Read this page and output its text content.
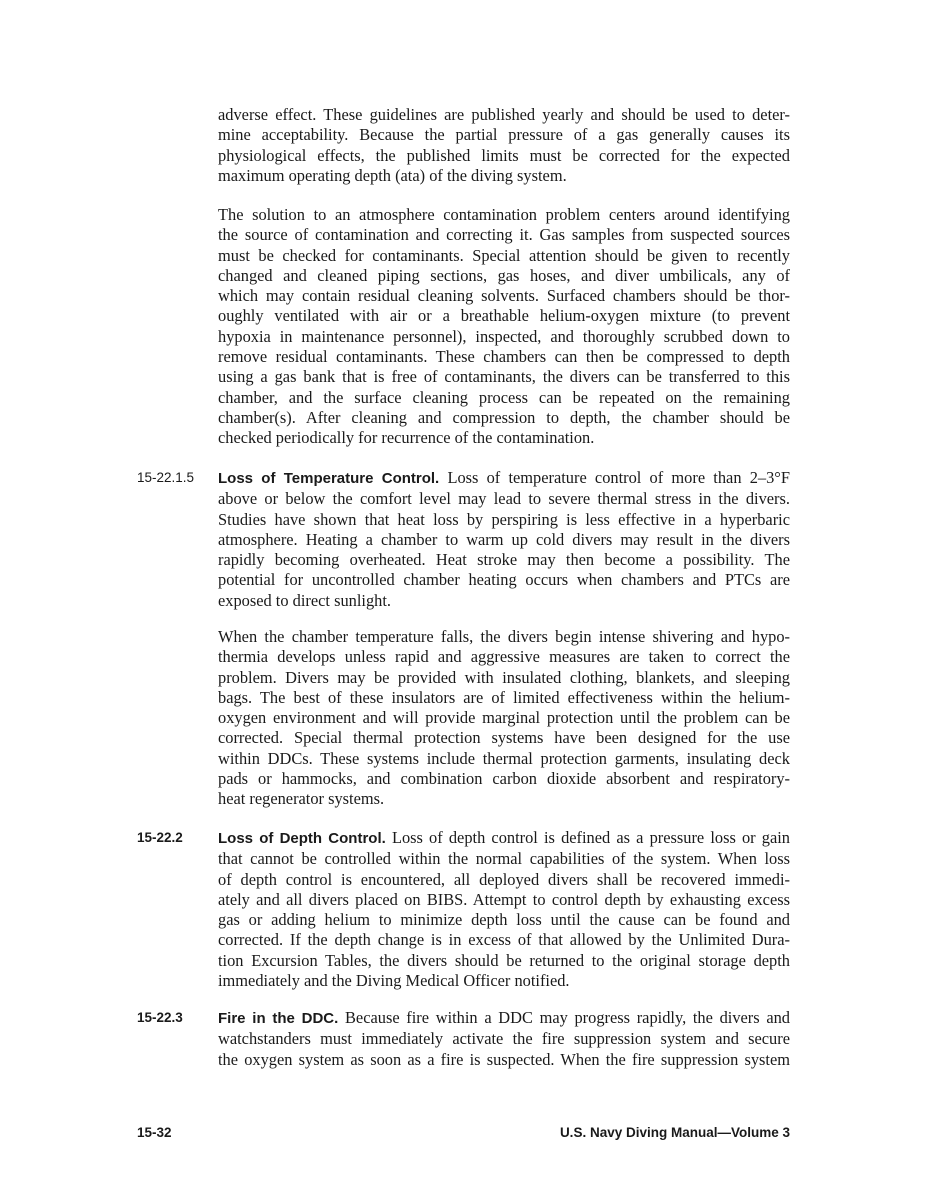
adverse effect. These guidelines are published yearly and should be used to deter-
mine acceptability. Because the partial pressure of a gas generally causes its
physiological effects, the published limits must be corrected for the expected
maximum operating depth (ata) of the diving system.
The solution to an atmosphere contamination problem centers around identifying
the source of contamination and correcting it. Gas samples from suspected sources
must be checked for contaminants. Special attention should be given to recently
changed and cleaned piping sections, gas hoses, and diver umbilicals, any of
which may contain residual cleaning solvents. Surfaced chambers should be thor-
oughly ventilated with air or a breathable helium-oxygen mixture (to prevent
hypoxia in maintenance personnel), inspected, and thoroughly scrubbed down to
remove residual contaminants. These chambers can then be compressed to depth
using a gas bank that is free of contaminants, the divers can be transferred to this
chamber, and the surface cleaning process can be repeated on the remaining
chamber(s). After cleaning and compression to depth, the chamber should be
checked periodically for recurrence of the contamination.
15-22.1.5 Loss of Temperature Control. Loss of temperature control of more than 2–3°F
above or below the comfort level may lead to severe thermal stress in the divers.
Studies have shown that heat loss by perspiring is less effective in a hyperbaric
atmosphere. Heating a chamber to warm up cold divers may result in the divers
rapidly becoming overheated. Heat stroke may then become a possibility. The
potential for uncontrolled chamber heating occurs when chambers and PTCs are
exposed to direct sunlight.
When the chamber temperature falls, the divers begin intense shivering and hypo-
thermia develops unless rapid and aggressive measures are taken to correct the
problem. Divers may be provided with insulated clothing, blankets, and sleeping
bags. The best of these insulators are of limited effectiveness within the helium-
oxygen environment and will provide marginal protection until the problem can be
corrected. Special thermal protection systems have been designed for the use
within DDCs. These systems include thermal protection garments, insulating deck
pads or hammocks, and combination carbon dioxide absorbent and respiratory-
heat regenerator systems.
15-22.2 Loss of Depth Control. Loss of depth control is defined as a pressure loss or gain
that cannot be controlled within the normal capabilities of the system. When loss
of depth control is encountered, all deployed divers shall be recovered immedi-
ately and all divers placed on BIBS. Attempt to control depth by exhausting excess
gas or adding helium to minimize depth loss until the cause can be found and
corrected. If the depth change is in excess of that allowed by the Unlimited Dura-
tion Excursion Tables, the divers should be returned to the original storage depth
immediately and the Diving Medical Officer notified.
15-22.3 Fire in the DDC. Because fire within a DDC may progress rapidly, the divers and
watchstanders must immediately activate the fire suppression system and secure
the oxygen system as soon as a fire is suspected. When the fire suppression system
15-32	U.S. Navy Diving Manual—Volume 3
